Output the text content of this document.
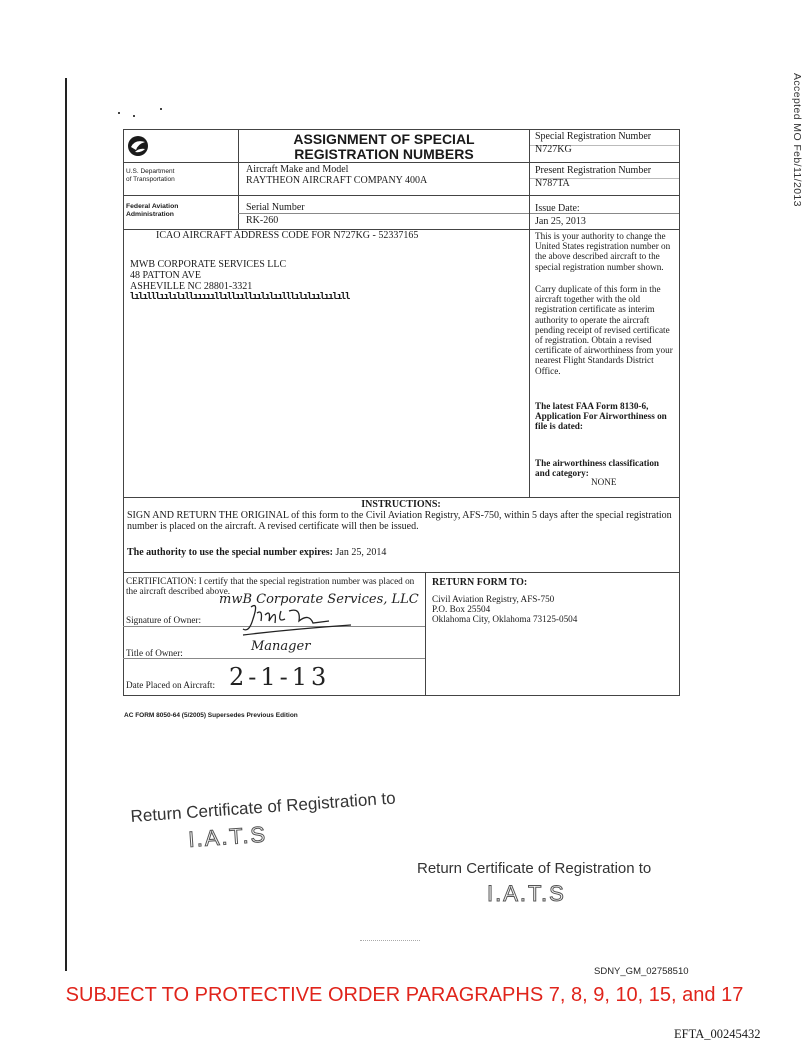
Accepted MO Feb/11/2013
U.S. Department
of Transportation
Federal Aviation
Administration
ASSIGNMENT OF SPECIAL
REGISTRATION NUMBERS
Aircraft Make and Model
RAYTHEON AIRCRAFT COMPANY 400A
Serial Number
RK-260
Special Registration Number
N727KG
Present Registration Number
N787TA
Issue Date:
Jan 25, 2013
ICAO AIRCRAFT ADDRESS CODE FOR N727KG - 52337165
MWB CORPORATE SERVICES LLC
48 PATTON AVE
ASHEVILLE NC 28801-3321
lılılllıılılıllıııııllıllııllıılılıılllılılıılıılıll
This is your authority to change the United States registration number on the above described aircraft to the special registration number shown.
Carry duplicate of this form in the aircraft together with the old registration certificate as interim authority to operate the aircraft pending receipt of revised certificate of registration. Obtain a revised certificate of airworthiness from your nearest Flight Standards District Office.
The latest FAA Form 8130-6, Application For Airworthiness on file is dated:
The airworthiness classification and category:
NONE
INSTRUCTIONS:
SIGN AND RETURN THE ORIGINAL of this form to the Civil Aviation Registry, AFS-750, within 5 days after the special registration number is placed on the aircraft. A revised certificate will then be issued.
The authority to use the special number expires: Jan 25, 2014
CERTIFICATION: I certify that the special registration number was placed on the aircraft described above.
mwB Corporate Services, LLC
Signature of Owner:
Title of Owner:	Manager
Date Placed on Aircraft: 2-1-13
RETURN FORM TO:
Civil Aviation Registry, AFS-750
P.O. Box 25504
Oklahoma City, Oklahoma 73125-0504
AC FORM 8050-64 (5/2005) Supersedes Previous Edition
Return Certificate of Registration to
I.A.T.S
Return Certificate of Registration to
I.A.T.S
SDNY_GM_02758510
SUBJECT TO PROTECTIVE ORDER PARAGRAPHS 7, 8, 9, 10, 15, and 17
EFTA_00245432
